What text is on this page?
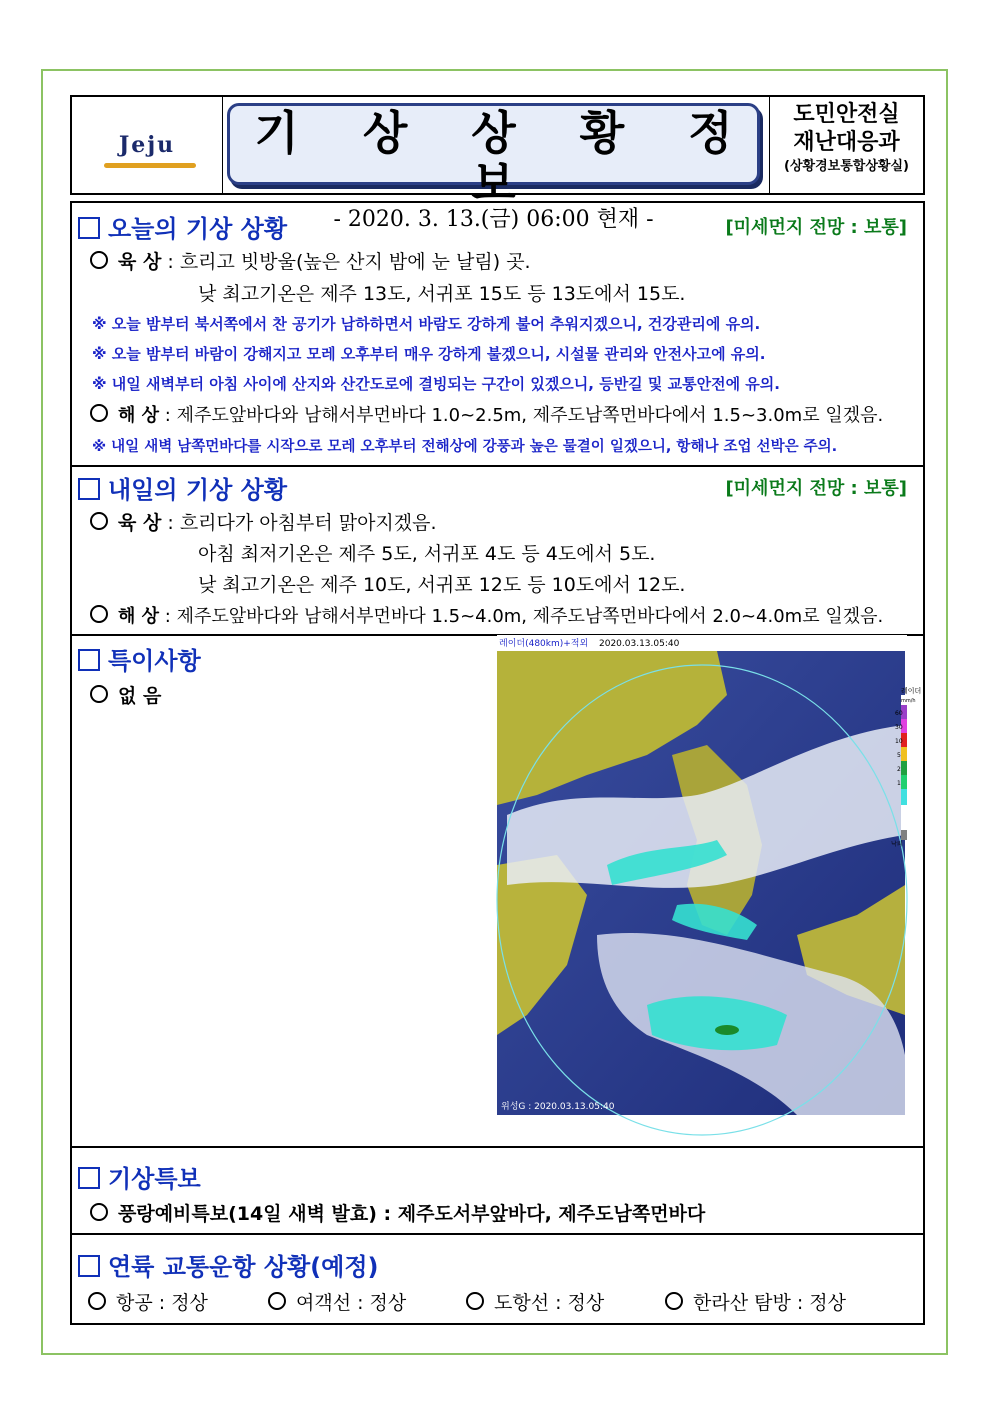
Jeju	기 상 상 황 정 보
- 2020. 3. 13.(금) 06:00 현재 -
도민안전실
재난대응과
(상황경보통합상황실)
오늘의 기상 상황	[미세먼지 전망 : 보통]
육 상 : 흐리고 빗방울(높은 산지 밤에 눈 날림) 곳.
낮 최고기온은 제주 13도, 서귀포 15도 등 13도에서 15도.
※ 오늘 밤부터 북서쪽에서 찬 공기가 남하하면서 바람도 강하게 불어 추워지겠으니, 건강관리에 유의.
※ 오늘 밤부터 바람이 강해지고 모레 오후부터 매우 강하게 불겠으니, 시설물 관리와 안전사고에 유의.
※ 내일 새벽부터 아침 사이에 산지와 산간도로에 결빙되는 구간이 있겠으니, 등반길 및 교통안전에 유의.
해 상 : 제주도앞바다와 남해서부먼바다 1.0~2.5m, 제주도남쪽먼바다에서 1.5~3.0m로 일겠음.
※ 내일 새벽 남쪽먼바다를 시작으로 모레 오후부터 전해상에 강풍과 높은 물결이 일겠으니, 항해나 조업 선박은 주의.
내일의 기상 상황	[미세먼지 전망 : 보통]
육 상 : 흐리다가 아침부터 맑아지겠음.
아침 최저기온은 제주 5도, 서귀포 4도 등 4도에서 5도.
낮 최고기온은 제주 10도, 서귀포 12도 등 10도에서 12도.
해 상 : 제주도앞바다와 남해서부먼바다 1.5~4.0m, 제주도남쪽먼바다에서 2.0~4.0m로 일겠음.
특이사항
없 음
레이더(480km)+적외 2020.03.13.05:40
레이더
mm/h
60
30
10
5
2
1
낙뢰
위성G : 2020.03.13.05:40
기상특보
풍랑예비특보(14일 새벽 발효) : 제주도서부앞바다, 제주도남쪽먼바다
연륙 교통운항 상황(예정)
항공 : 정상	여객선 : 정상	도항선 : 정상	한라산 탐방 : 정상
